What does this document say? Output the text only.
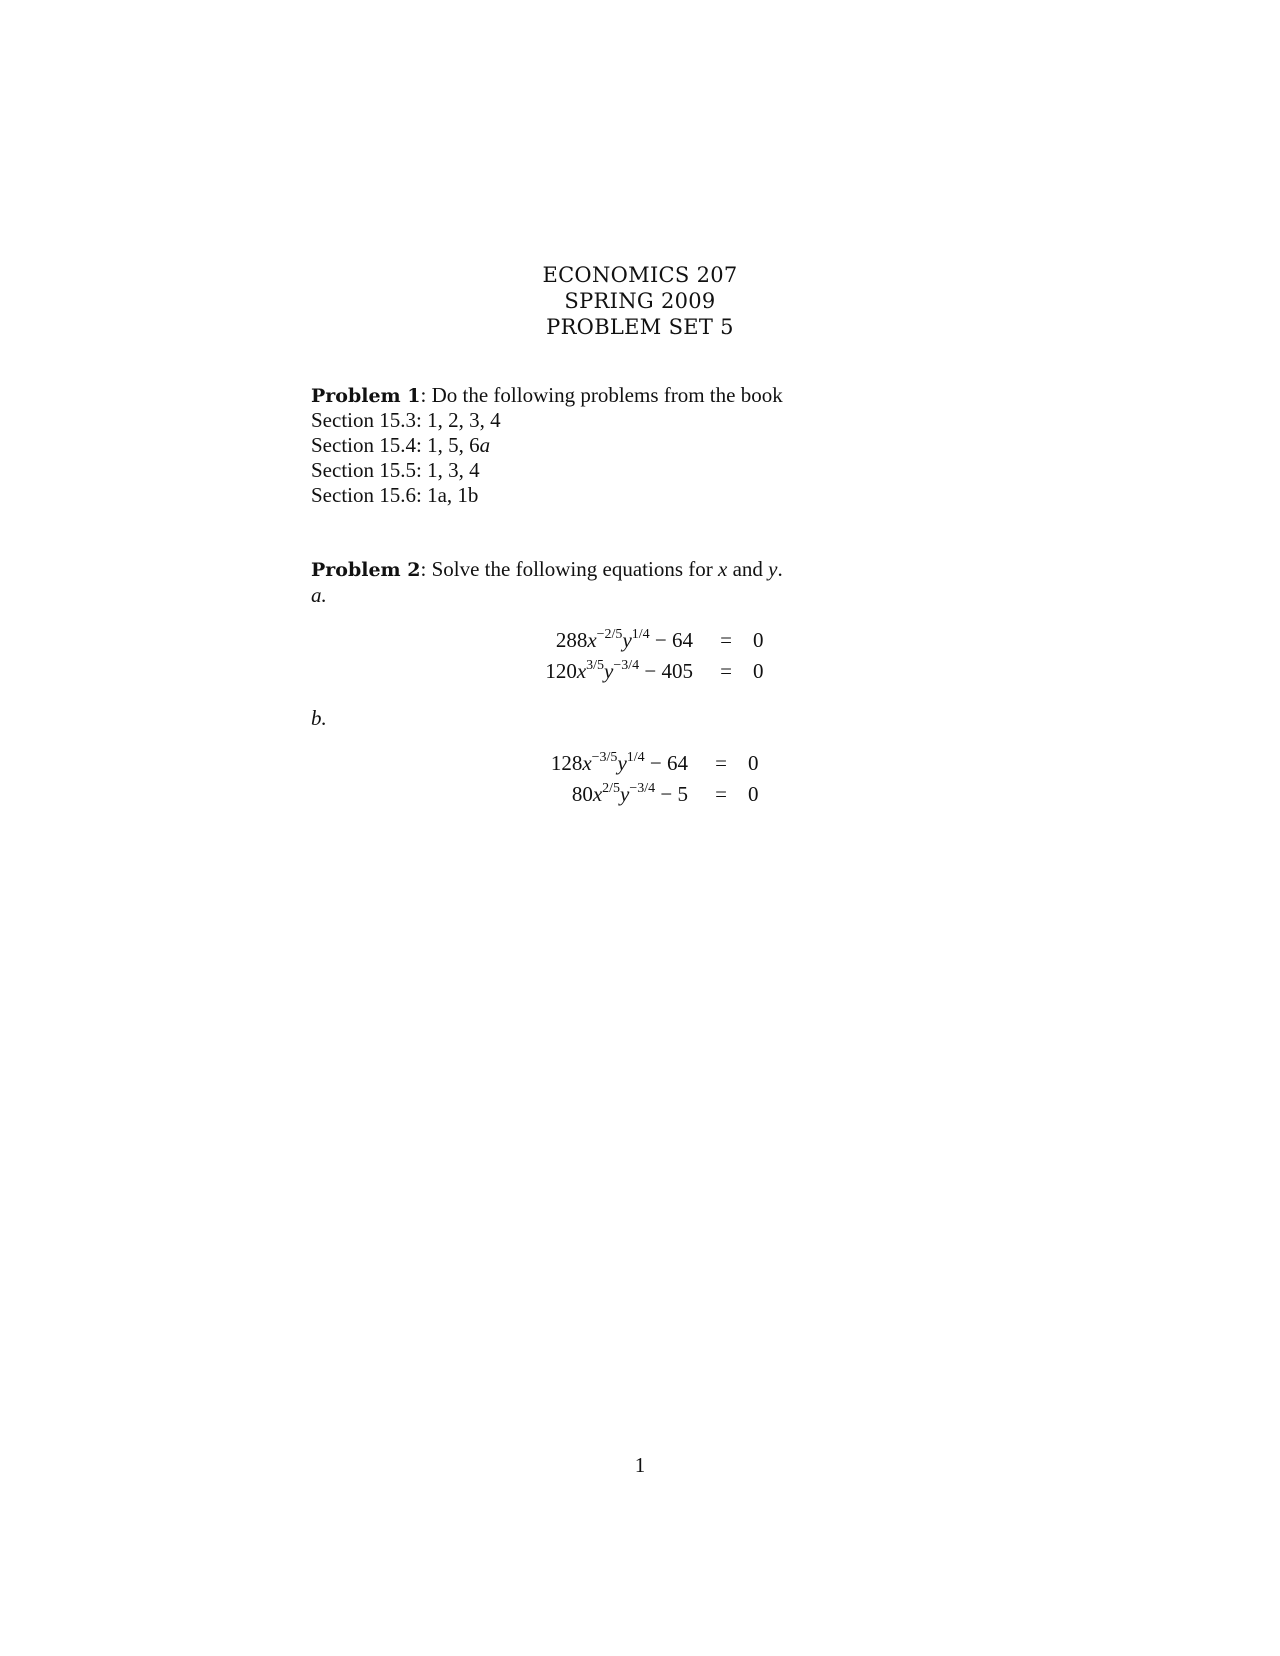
ECONOMICS 207
SPRING 2009
PROBLEM SET 5
Problem 1: Do the following problems from the book
Section 15.3: 1, 2, 3, 4
Section 15.4: 1, 5, 6a
Section 15.5: 1, 3, 4
Section 15.6: 1a, 1b
Problem 2: Solve the following equations for x and y.
a.
$288x^{-2/5}y^{1/4} - 64 = 0$
$120x^{3/5}y^{-3/4} - 405 = 0$
b.
$128x^{-3/5}y^{1/4} - 64 = 0$
$80x^{2/5}y^{-3/4} - 5 = 0$
1
